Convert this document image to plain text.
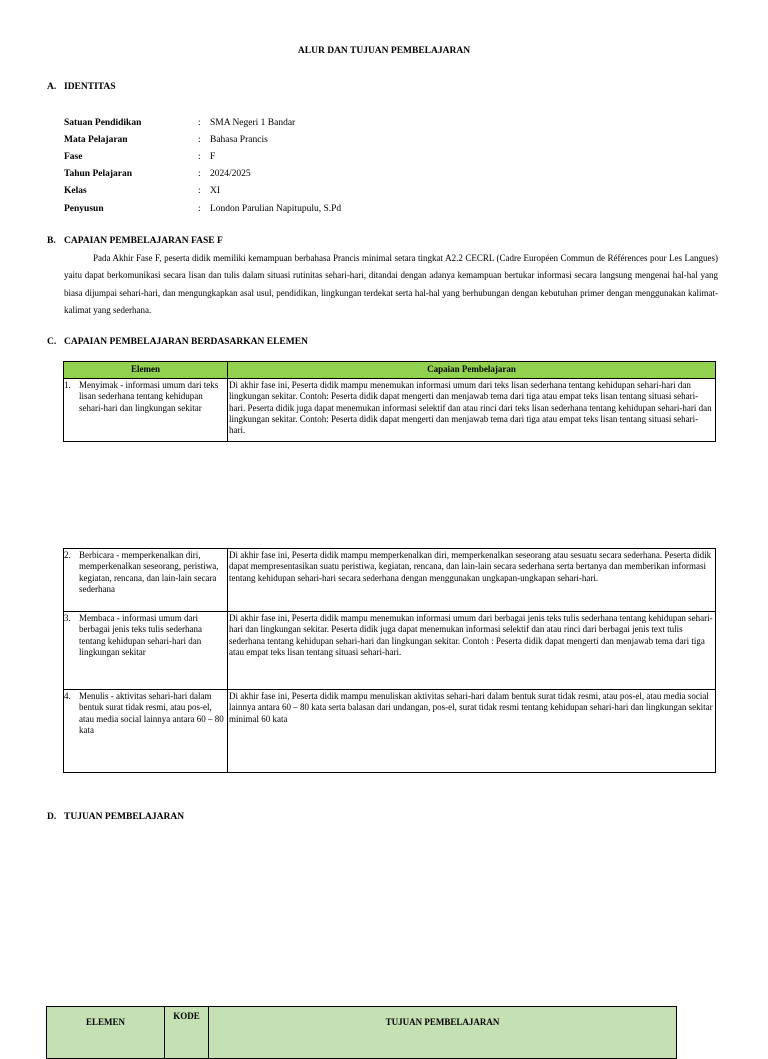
ALUR DAN TUJUAN PEMBELAJARAN
A. IDENTITAS
Satuan Pendidikan	:	SMA Negeri 1 Bandar
Mata Pelajaran	:	Bahasa Prancis
Fase	:	F
Tahun Pelajaran	:	2024/2025
Kelas	:	XI
Penyusun	:	London Parulian Napitupulu, S.Pd
B. CAPAIAN PEMBELAJARAN FASE F
Pada Akhir Fase F, peserta didik memiliki kemampuan berbahasa Prancis minimal setara tingkat A2.2 CECRL (Cadre Européen Commun de Références pour Les Langues) yaitu dapat berkomunikasi secara lisan dan tulis dalam situasi rutinitas sehari-hari, ditandai dengan adanya kemampuan bertukar informasi secara langsung mengenai hal-hal yang biasa dijumpai sehari-hari, dan mengungkapkan asal usul, pendidikan, lingkungan terdekat serta hal-hal yang berhubungan dengan kebutuhan primer dengan menggunakan kalimat-kalimat yang sederhana.
C. CAPAIAN PEMBELAJARAN BERDASARKAN ELEMEN
Elemen	Capaian Pembelajaran

1. Menyimak - informasi umum dari teks lisan sederhana tentang kehidupan sehari-hari dan lingkungan sekitar	Di akhir fase ini, Peserta didik mampu menemukan informasi umum dari teks lisan sederhana tentang kehidupan sehari-hari dan lingkungan sekitar. Contoh: Peserta didik dapat mengerti dan menjawab tema dari tiga atau empat teks lisan tentang situasi sehari-hari. Peserta didik juga dapat menemukan informasi selektif dan atau rinci dari teks lisan sederhana tentang kehidupan sehari-hari dan lingkungan sekitar. Contoh: Peserta didik dapat mengerti dan menjawab tema dari tiga atau empat teks lisan tentang situasi sehari-hari.
2. Berbicara - memperkenalkan diri, memperkenalkan seseorang, peristiwa, kegiatan, rencana, dan lain-lain secara sederhana	Di akhir fase ini, Peserta didik mampu memperkenalkan diri, memperkenalkan seseorang atau sesuatu secara sederhana. Peserta didik dapat mempresentasikan suatu peristiwa, kegiatan, rencana, dan lain-lain secara sederhana serta bertanya dan memberikan informasi tentang kehidupan sehari-hari secara sederhana dengan menggunakan ungkapan-ungkapan sehari-hari.

3. Membaca - informasi umum dari berbagai jenis teks tulis sederhana tentang kehidupan sehari-hari dan lingkungan sekitar	Di akhir fase ini, Peserta didik mampu menemukan informasi umum dari berbagai jenis teks tulis sederhana tentang kehidupan sehari-hari dan lingkungan sekitar. Peserta didik juga dapat menemukan informasi selektif dan atau rinci dari berbagai jenis text tulis sederhana tentang kehidupan sehari-hari dan lingkungan sekitar. Contoh : Peserta didik dapat mengerti dan menjawab tema dari tiga atau empat teks lisan tentang situasi sehari-hari.

4. Menulis - aktivitas sehari-hari dalam bentuk surat tidak resmi, atau pos-el, atau media social lainnya antara 60 – 80 kata	Di akhir fase ini, Peserta didik mampu menuliskan aktivitas sehari-hari dalam bentuk surat tidak resmi, atau pos-el, atau media social lainnya antara 60 – 80 kata serta balasan dari undangan, pos-el, surat tidak resmi tentang kehidupan sehari-hari dan lingkungan sekitar minimal 60 kata
D. TUJUAN PEMBELAJARAN
ELEMEN	KODE	TUJUAN PEMBELAJARAN
